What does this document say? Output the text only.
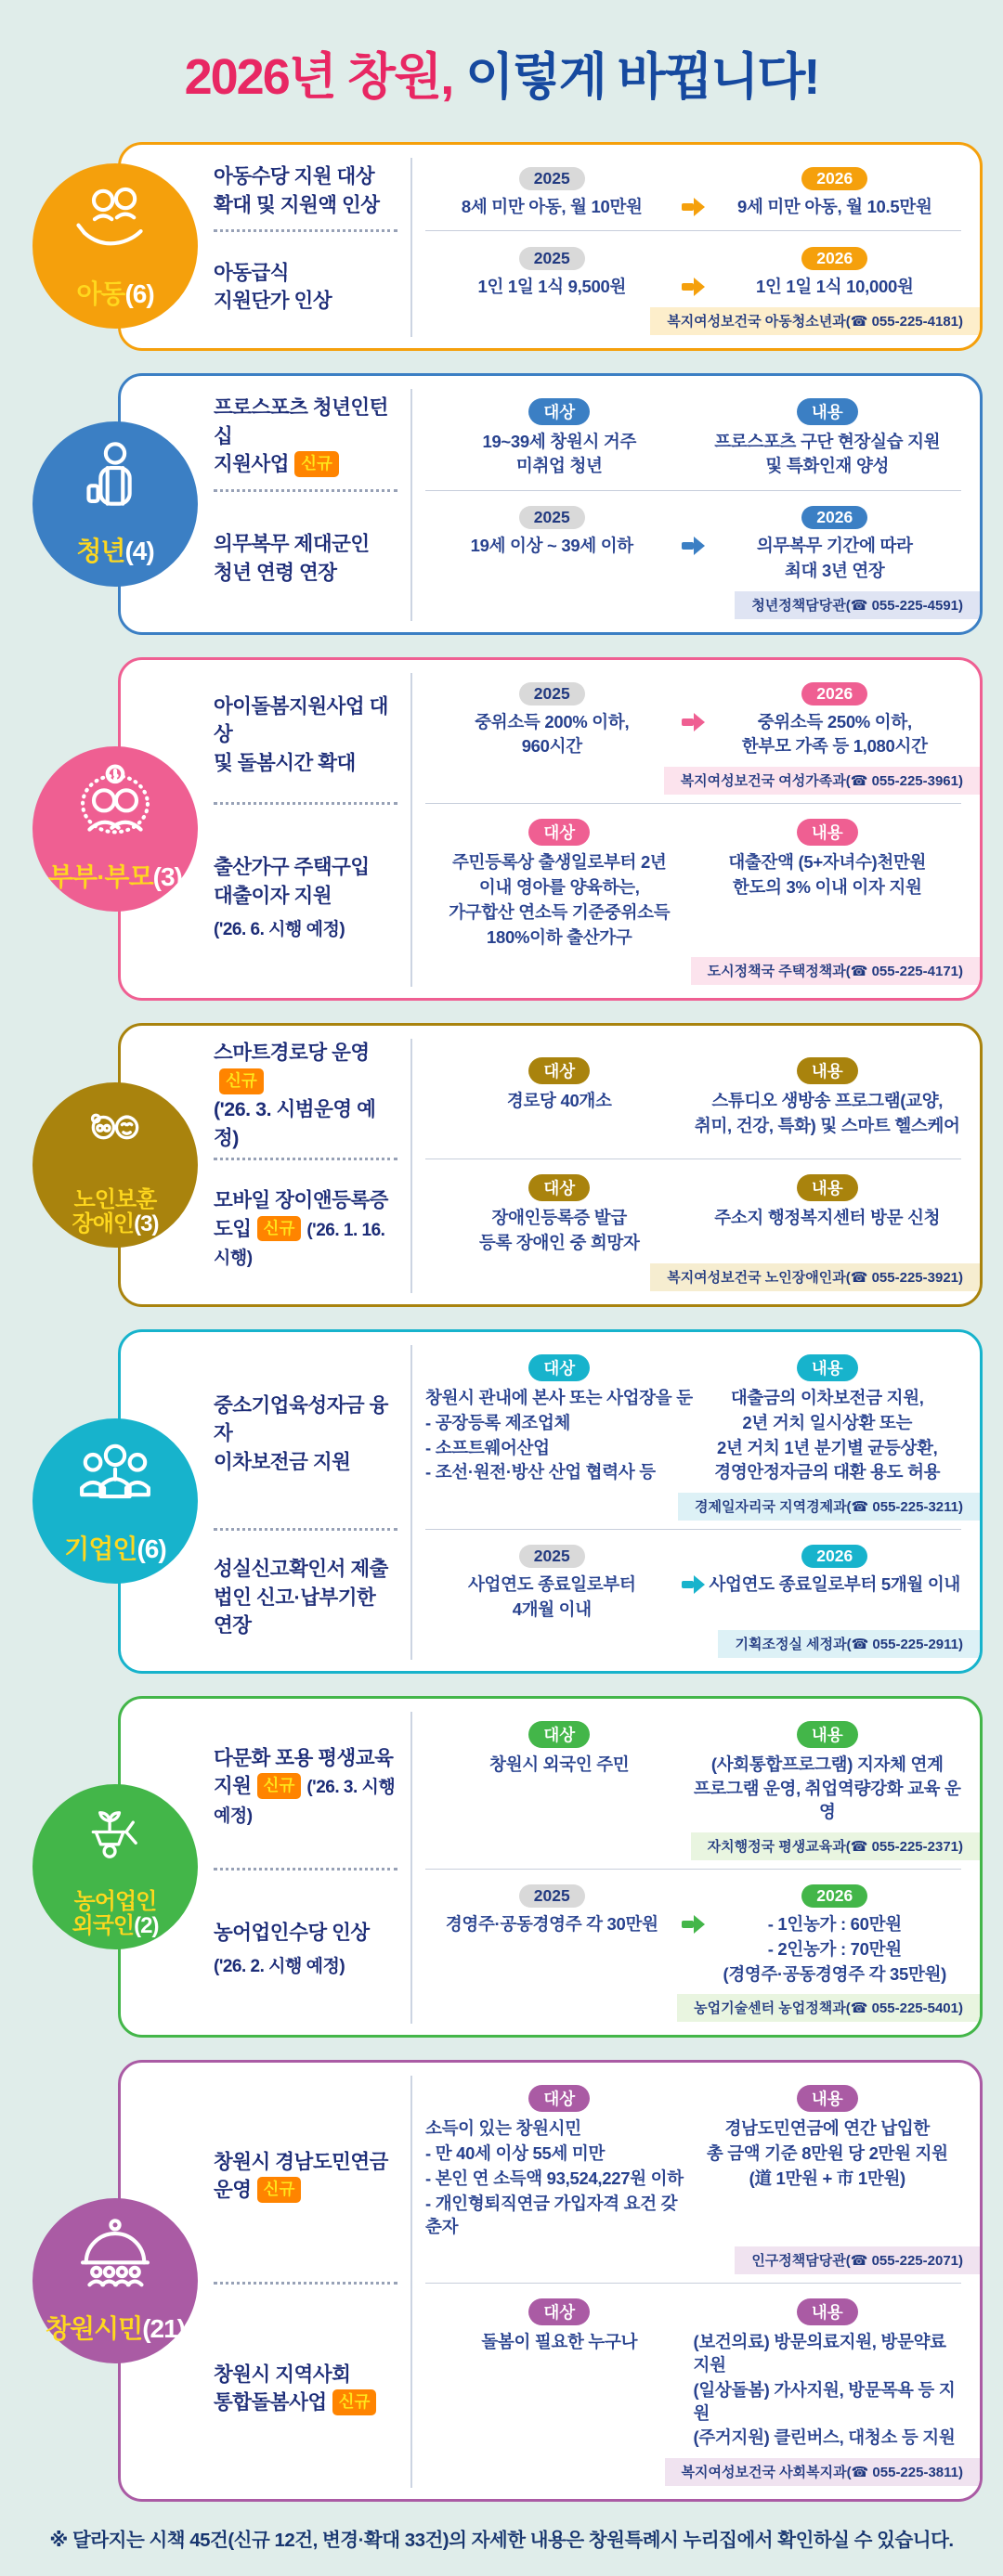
2026년 창원, 이렇게 바뀝니다!
아동(6)
아동수당 지원 대상
확대 및 지원액 인상
2025
8세 미만 아동, 월 10만원
2026
9세 미만 아동, 월 10.5만원
아동급식
지원단가 인상
2025
1인 1일 1식 9,500원
2026
1인 1일 1식 10,000원
복지여성보건국 아동청소년과(☎ 055-225-4181)
청년(4)
프로스포츠 청년인턴십
지원사업 신규
대상
19~39세 창원시 거주
미취업 청년
내용
프로스포츠 구단 현장실습 지원
및 특화인재 양성
의무복무 제대군인
청년 연령 연장
2025
19세 이상 ~ 39세 이하
2026
의무복무 기간에 따라
최대 3년 연장
청년정책담당관(☎ 055-225-4591)
부부·부모(3)
아이돌봄지원사업 대상
및 돌봄시간 확대
2025
중위소득 200% 이하,
960시간
2026
중위소득 250% 이하,
한부모 가족 등 1,080시간
복지여성보건국 여성가족과(☎ 055-225-3961)
출산가구 주택구입
대출이자 지원
('26. 6. 시행 예정)
대상
주민등록상 출생일로부터 2년
이내 영아를 양육하는,
가구합산 연소득 기준중위소득
180%이하 출산가구
내용
대출잔액 (5+자녀수)천만원
한도의 3% 이내 이자 지원
도시정책국 주택정책과(☎ 055-225-4171)
노인보훈
장애인(3)
스마트경로당 운영신규
('26. 3. 시범운영 예정)
대상
경로당 40개소
내용
스튜디오 생방송 프로그램(교양,
취미, 건강, 특화) 및 스마트 헬스케어
모바일 장이앤등록증
도입 신규 ('26. 1. 16. 시행)
대상
장애인등록증 발급
등록 장애인 중 희망자
내용
주소지 행정복지센터 방문 신청
복지여성보건국 노인장애인과(☎ 055-225-3921)
기업인(6)
중소기업육성자금 융자
이차보전금 지원
대상
창원시 관내에 본사 또는 사업장을 둔
- 공장등록 제조업체
- 소프트웨어산업
- 조선·원전·방산 산업 협력사 등
내용
대출금의 이차보전금 지원,
2년 거치 일시상환 또는
2년 거치 1년 분기별 균등상환,
경영안정자금의 대환 용도 허용
경제일자리국 지역경제과(☎ 055-225-3211)
성실신고확인서 제출
법인 신고·납부기한 연장
2025
사업연도 종료일로부터
4개월 이내
2026
사업연도 종료일로부터 5개월 이내
기획조정실 세정과(☎ 055-225-2911)
농어업인
외국인(2)
다문화 포용 평생교육
지원 신규 ('26. 3. 시행 예정)
대상
창원시 외국인 주민
내용
(사회통합프로그램) 지자체 연계
프로그램 운영, 취업역량강화 교육 운영
자치행정국 평생교육과(☎ 055-225-2371)
농어업인수당 인상
('26. 2. 시행 예정)
2025
경영주·공동경영주 각 30만원
2026
- 1인농가 : 60만원
- 2인농가 : 70만원
(경영주·공동경영주 각 35만원)
농업기술센터 농업정책과(☎ 055-225-5401)
창원시민(21)
창원시 경남도민연금
운영 신규
대상
소득이 있는 창원시민
- 만 40세 이상 55세 미만
- 본인 연 소득액 93,524,227원 이하
- 개인형퇴직연금 가입자격 요건 갖춘자
내용
경남도민연금에 연간 납입한
총 금액 기준 8만원 당 2만원 지원
(道 1만원 + 市 1만원)
인구정책담당관(☎ 055-225-2071)
창원시 지역사회
통합돌봄사업 신규
대상
돌봄이 필요한 누구나
내용
(보건의료) 방문의료지원, 방문약료지원
(일상돌봄) 가사지원, 방문목욕 등 지원
(주거지원) 클린버스, 대청소 등 지원
복지여성보건국 사회복지과(☎ 055-225-3811)

※ 달라지는 시책 45건(신규 12건, 변경·확대 33건)의 자세한 내용은 창원특례시 누리집에서 확인하실 수 있습니다.
